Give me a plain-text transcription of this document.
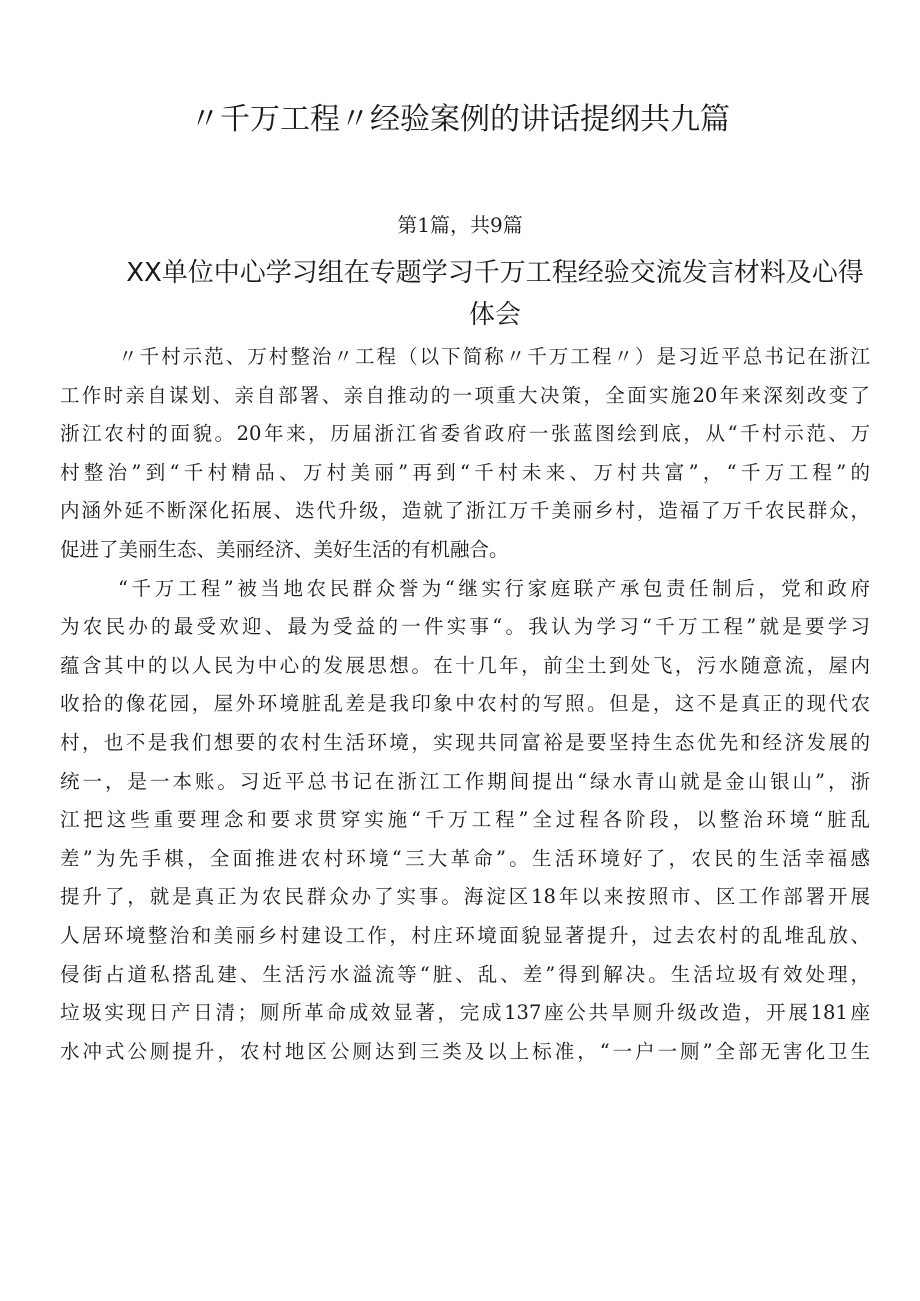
〃千万工程〃经验案例的讲话提纲共九篇
第1篇，共9篇
XX单位中心学习组在专题学习千万工程经验交流发言材料及心得体会
〃千村示范、万村整治〃工程（以下简称〃千万工程〃）是习近平总书记在浙江
工作时亲自谋划、亲自部署、亲自推动的一项重大决策，全面实施20年来深刻改变了
浙江农村的面貌。20年来，历届浙江省委省政府一张蓝图绘到底，从“千村示范、万
村整治”到“千村精品、万村美丽”再到“千村未来、万村共富”，“千万工程”的
内涵外延不断深化拓展、迭代升级，造就了浙江万千美丽乡村，造福了万千农民群众，
促进了美丽生态、美丽经济、美好生活的有机融合。
“千万工程”被当地农民群众誉为“继实行家庭联产承包责任制后，党和政府
为农民办的最受欢迎、最为受益的一件实事“。我认为学习“千万工程”就是要学习
蕴含其中的以人民为中心的发展思想。在十几年，前尘土到处飞，污水随意流，屋内
收拾的像花园，屋外环境脏乱差是我印象中农村的写照。但是，这不是真正的现代农
村，也不是我们想要的农村生活环境，实现共同富裕是要坚持生态优先和经济发展的
统一，是一本账。习近平总书记在浙江工作期间提出“绿水青山就是金山银山”，浙
江把这些重要理念和要求贯穿实施“千万工程”全过程各阶段，以整治环境“脏乱
差”为先手棋，全面推进农村环境“三大革命”。生活环境好了，农民的生活幸福感
提升了，就是真正为农民群众办了实事。海淀区18年以来按照市、区工作部署开展
人居环境整治和美丽乡村建设工作，村庄环境面貌显著提升，过去农村的乱堆乱放、
侵街占道私搭乱建、生活污水溢流等“脏、乱、差”得到解决。生活垃圾有效处理，
垃圾实现日产日清；厕所革命成效显著，完成137座公共旱厕升级改造，开展181座
水冲式公厕提升，农村地区公厕达到三类及以上标准，“一户一厕”全部无害化卫生
